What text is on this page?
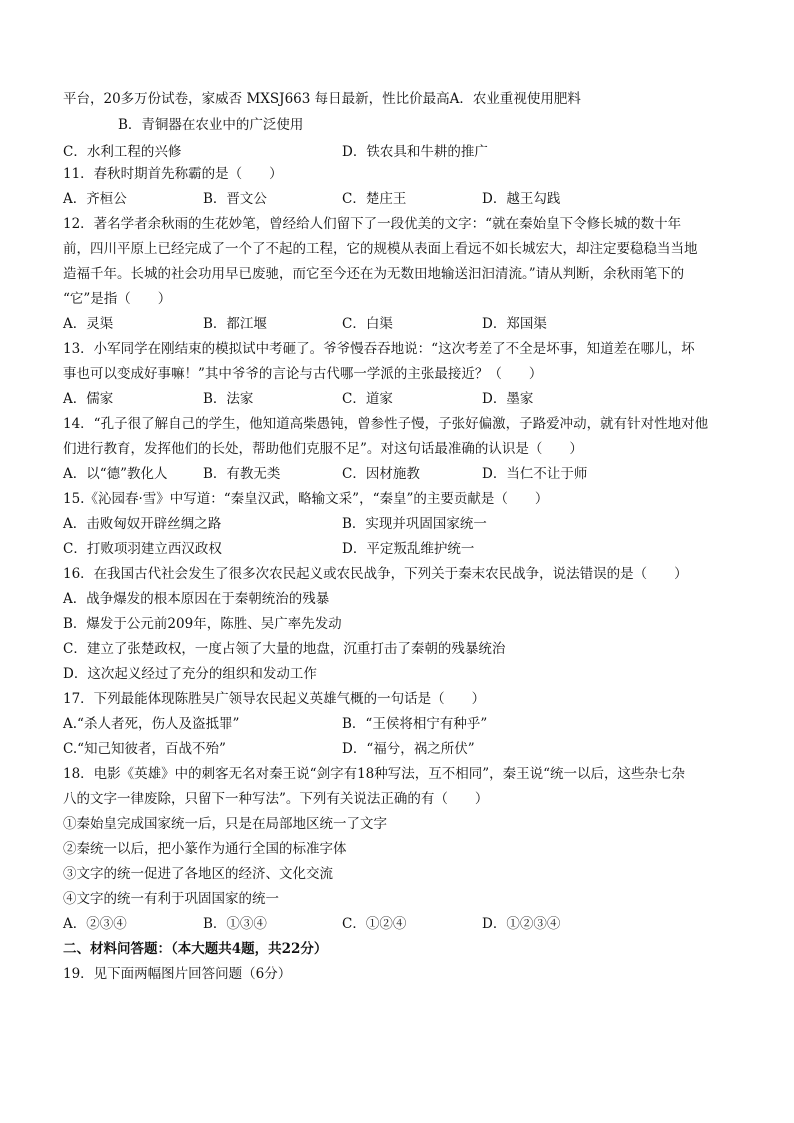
平台，20多万份试卷，家威否 MXSJ663 每日最新，性比价最高A．农业重视使用肥料
B．青铜器在农业中的广泛使用
C．水利工程的兴修	D．铁农具和牛耕的推广
11．春秋时期首先称霸的是（　　）
A．齐桓公	B．晋文公	C．楚庄王	D．越王勾践
12．著名学者余秋雨的生花妙笔，曾经给人们留下了一段优美的文字：“就在秦始皇下令修长城的数十年
前，四川平原上已经完成了一个了不起的工程，它的规模从表面上看远不如长城宏大，却注定要稳稳当当地
造福千年。长城的社会功用早已废驰，而它至今还在为无数田地输送汩汩清流。”请从判断，余秋雨笔下的
“它”是指（　　）
A．灵渠	B．都江堰	C．白渠	D．郑国渠
13．小军同学在刚结束的模拟试中考砸了。爷爷慢吞吞地说：“这次考差了不全是坏事，知道差在哪儿，坏
事也可以变成好事嘛！”其中爷爷的言论与古代哪一学派的主张最接近？（　　）
A．儒家	B．法家	C．道家	D．墨家
14．“孔子很了解自己的学生，他知道高柴愚钝，曾参性子慢，子张好偏激，子路爱冲动，就有针对性地对他
们进行教育，发挥他们的长处，帮助他们克服不足”。对这句话最准确的认识是（　　）
A．以“德”教化人	B．有教无类	C．因材施教	D．当仁不让于师
15.《沁园春·雪》中写道：“秦皇汉武，略输文采”，“秦皇”的主要贡献是（　　）
A．击败匈奴开辟丝绸之路	B．实现并巩固国家统一
C．打败项羽建立西汉政权	D．平定叛乱维护统一
16．在我国古代社会发生了很多次农民起义或农民战争，下列关于秦末农民战争，说法错误的是（　　）
A．战争爆发的根本原因在于秦朝统治的残暴
B．爆发于公元前209年，陈胜、吴广率先发动
C．建立了张楚政权，一度占领了大量的地盘，沉重打击了秦朝的残暴统治
D．这次起义经过了充分的组织和发动工作
17．下列最能体现陈胜吴广领导农民起义英雄气概的一句话是（　　）
A.“杀人者死，伤人及盗抵罪”	B．“王侯将相宁有种乎”
C.“知己知彼者，百战不殆”	D．“福兮，祸之所伏”
18．电影《英雄》中的刺客无名对秦王说“剑字有18种写法，互不相同”，秦王说“统一以后，这些杂七杂
八的文字一律废除，只留下一种写法”。下列有关说法正确的有（　　）
①秦始皇完成国家统一后，只是在局部地区统一了文字
②秦统一以后，把小篆作为通行全国的标准字体
③文字的统一促进了各地区的经济、文化交流
④文字的统一有利于巩固国家的统一
A．②③④	B．①③④	C．①②④	D．①②③④
二、材料问答题：（本大题共4题，共22分）
19．见下面两幅图片回答问题（6分）
